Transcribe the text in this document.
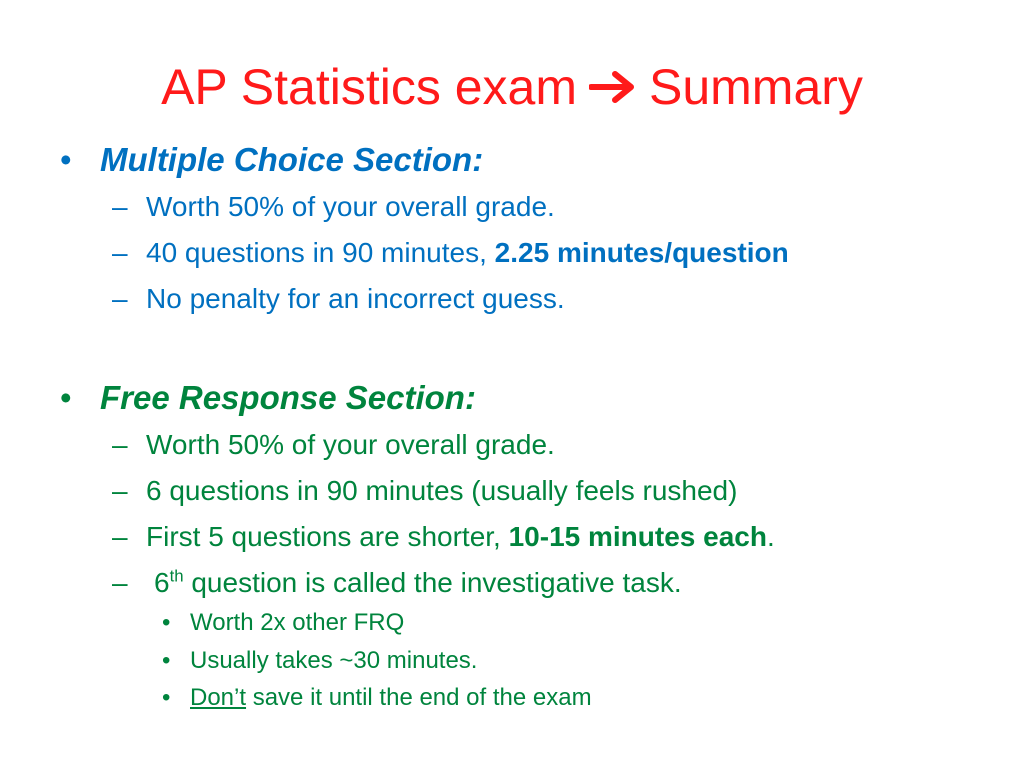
AP Statistics exam Summary
• Multiple Choice Section:
– Worth 50% of your overall grade.
– 40 questions in 90 minutes, 2.25 minutes/question
– No penalty for an incorrect guess.
• Free Response Section:
– Worth 50% of your overall grade.
– 6 questions in 90 minutes (usually feels rushed)
– First 5 questions are shorter, 10-15 minutes each.
– 6th question is called the investigative task.
• Worth 2x other FRQ
• Usually takes ~30 minutes.
• Don’t save it until the end of the exam
